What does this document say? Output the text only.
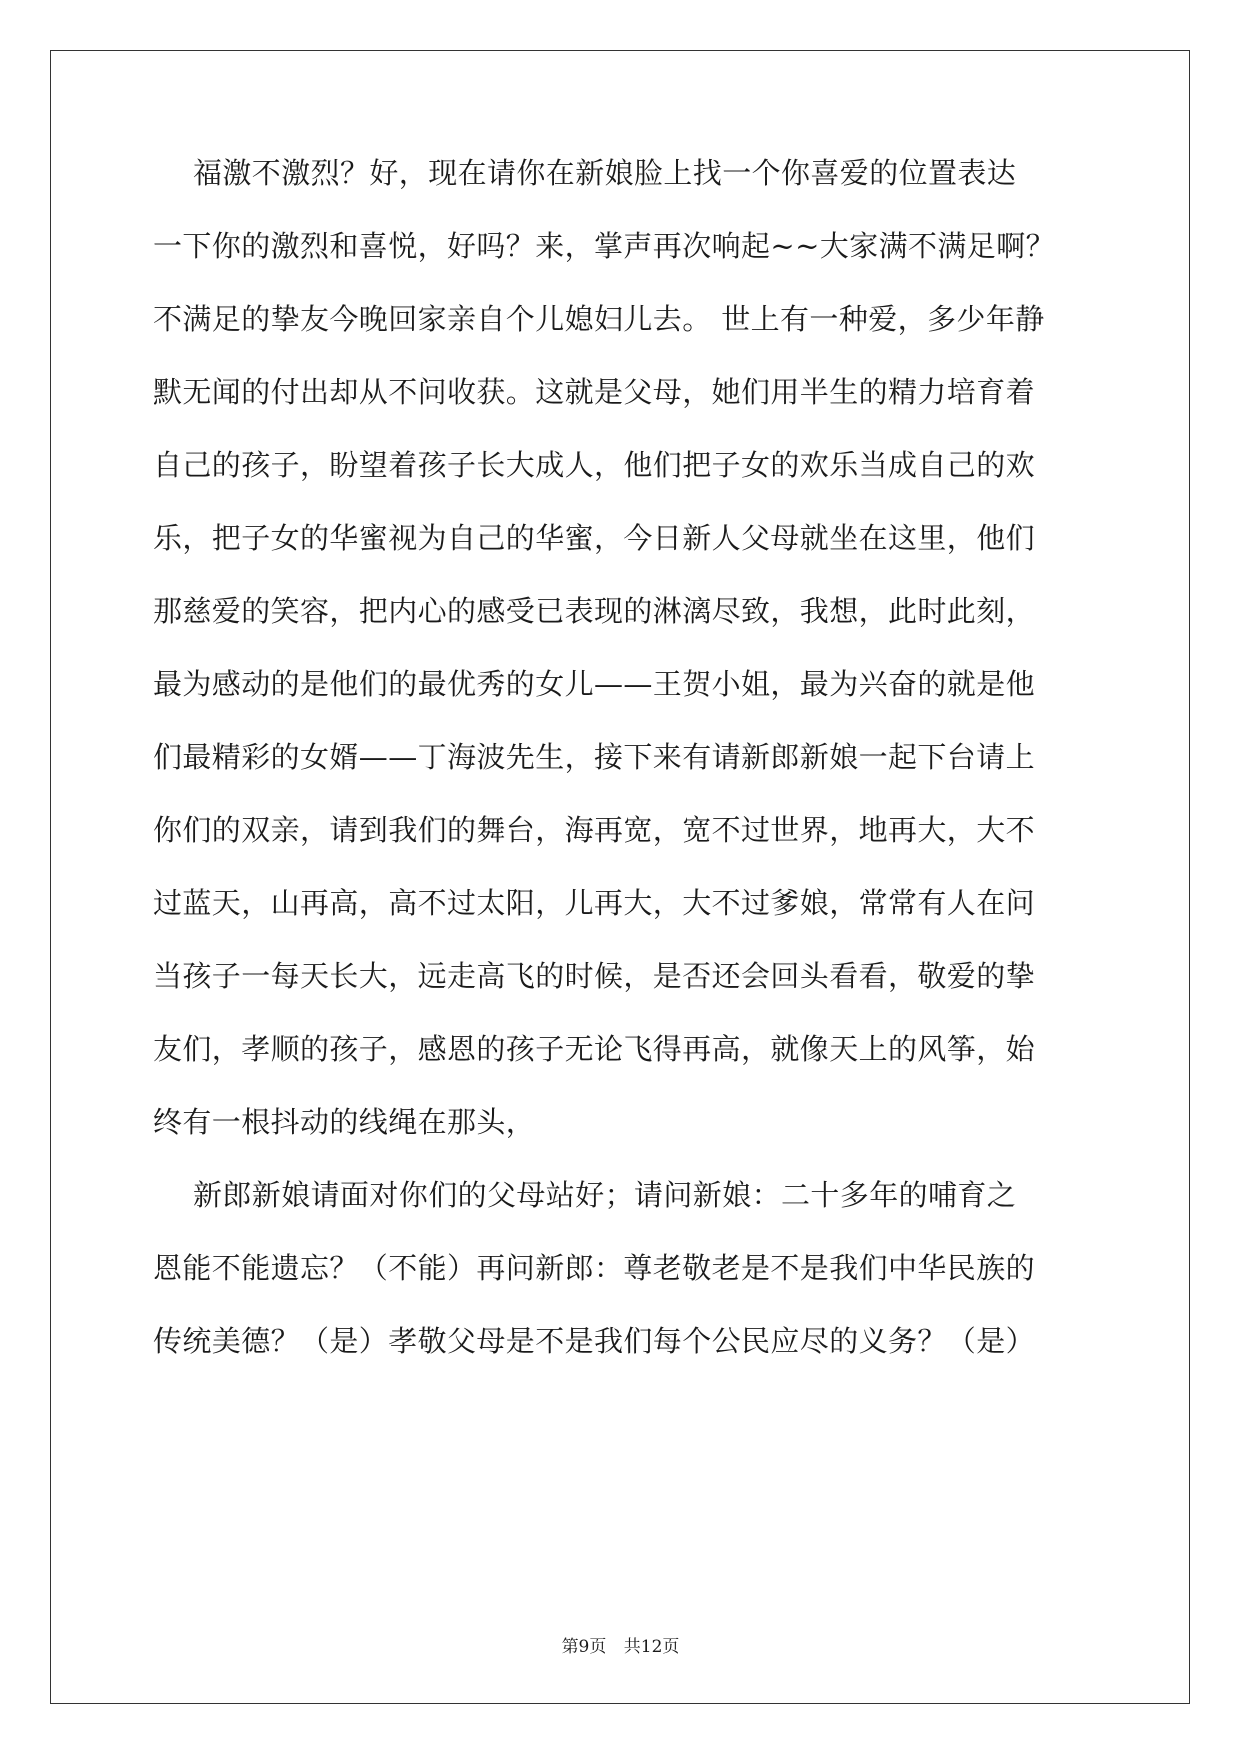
福激不激烈？好，现在请你在新娘脸上找一个你喜爱的位置表达
一下你的激烈和喜悦，好吗？来，掌声再次响起~~大家满不满足啊？
不满足的挚友今晚回家亲自个儿媳妇儿去。 世上有一种爱，多少年静
默无闻的付出却从不问收获。这就是父母，她们用半生的精力培育着
自己的孩子，盼望着孩子长大成人，他们把子女的欢乐当成自己的欢
乐，把子女的华蜜视为自己的华蜜，今日新人父母就坐在这里，他们
那慈爱的笑容，把内心的感受已表现的淋漓尽致，我想，此时此刻，
最为感动的是他们的最优秀的女儿——王贺小姐，最为兴奋的就是他
们最精彩的女婿——丁海波先生，接下来有请新郎新娘一起下台请上
你们的双亲，请到我们的舞台，海再宽，宽不过世界，地再大，大不
过蓝天，山再高，高不过太阳，儿再大，大不过爹娘，常常有人在问
当孩子一每天长大，远走高飞的时候，是否还会回头看看，敬爱的挚
友们，孝顺的孩子，感恩的孩子无论飞得再高，就像天上的风筝，始
终有一根抖动的线绳在那头，
新郎新娘请面对你们的父母站好；请问新娘：二十多年的哺育之
恩能不能遗忘？（不能）再问新郎：尊老敬老是不是我们中华民族的
传统美德？（是）孝敬父母是不是我们每个公民应尽的义务？（是）
第9页 共12页
